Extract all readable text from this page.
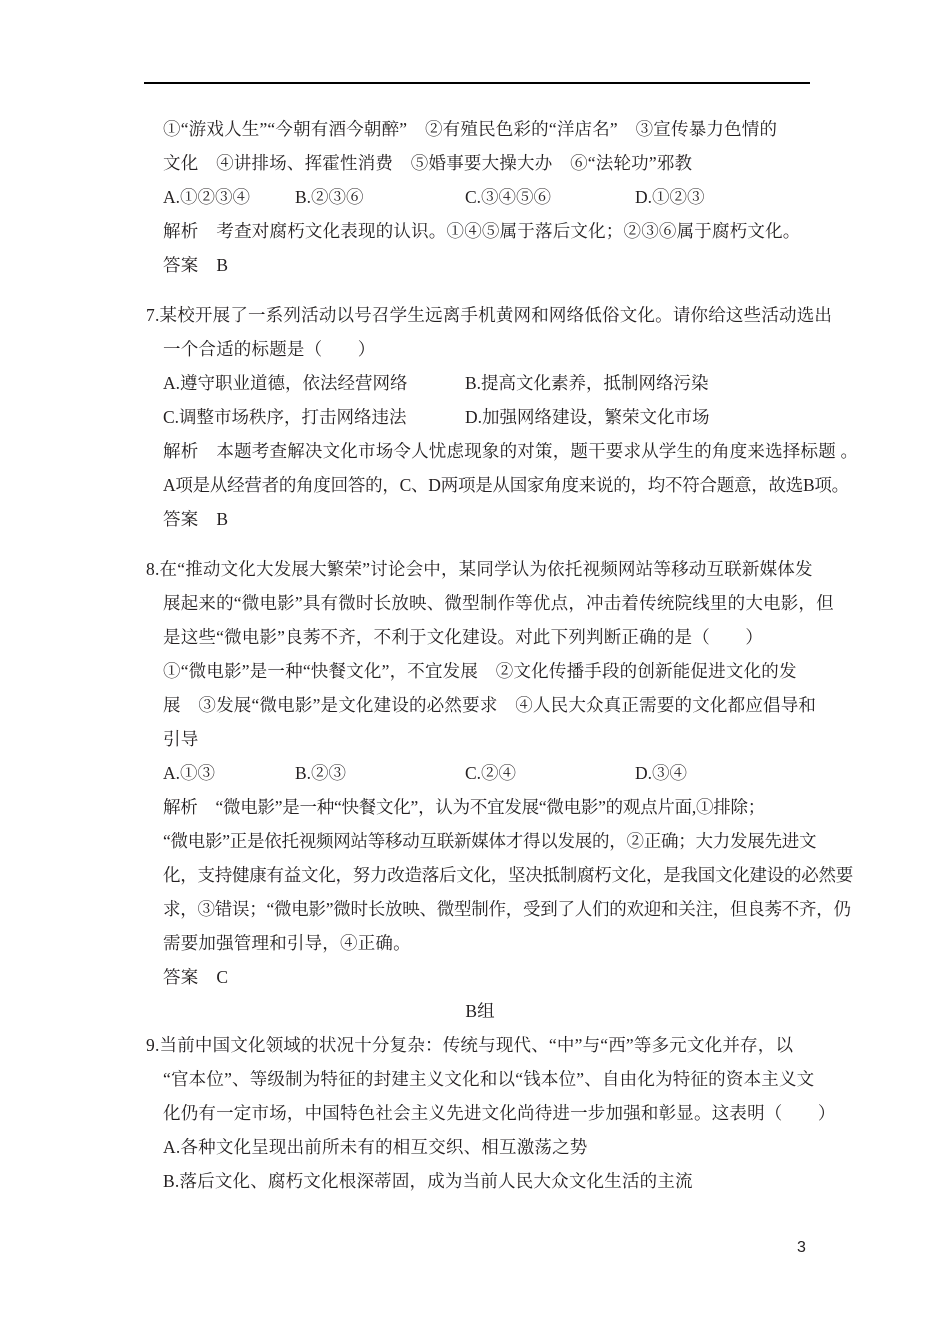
①“游戏人生”“今朝有酒今朝醉”　②有殖民色彩的“洋店名”　③宣传暴力色情的
文化　④讲排场、挥霍性消费　⑤婚事要大操大办　⑥“法轮功”邪教
A.①②③④	B.②③⑥	C.③④⑤⑥	D.①②③
解析 考查对腐朽文化表现的认识。①④⑤属于落后文化；②③⑥属于腐朽文化。
答案 B
7.某校开展了一系列活动以号召学生远离手机黄网和网络低俗文化。请你给这些活动选出
一个合适的标题是（　　）
A.遵守职业道德，依法经营网络	B.提高文化素养，抵制网络污染
C.调整市场秩序，打击网络违法	D.加强网络建设，繁荣文化市场
解析 本题考查解决文化市场令人忧虑现象的对策，题干要求从学生的角度来选择标题 。
A项是从经营者的角度回答的，C、D两项是从国家角度来说的，均不符合题意，故选B项。
答案 B
8.在“推动文化大发展大繁荣”讨论会中，某同学认为依托视频网站等移动互联新媒体发
展起来的“微电影”具有微时长放映、微型制作等优点，冲击着传统院线里的大电影，但
是这些“微电影”良莠不齐，不利于文化建设。对此下列判断正确的是（　　）
①“微电影”是一种“快餐文化”，不宜发展　②文化传播手段的创新能促进文化的发
展　③发展“微电影”是文化建设的必然要求　④人民大众真正需要的文化都应倡导和
引导
A.①③	B.②③	C.②④	D.③④
解析 “微电影”是一种“快餐文化”，认为不宜发展“微电影”的观点片面,①排除；
“微电影”正是依托视频网站等移动互联新媒体才得以发展的，②正确；大力发展先进文
化，支持健康有益文化，努力改造落后文化，坚决抵制腐朽文化，是我国文化建设的必然要
求，③错误；“微电影”微时长放映、微型制作，受到了人们的欢迎和关注，但良莠不齐，仍
需要加强管理和引导，④正确。
答案 C
B组
9.当前中国文化领域的状况十分复杂：传统与现代、“中”与“西”等多元文化并存，以
“官本位”、等级制为特征的封建主义文化和以“钱本位”、自由化为特征的资本主义文
化仍有一定市场，中国特色社会主义先进文化尚待进一步加强和彰显。这表明（　　）
A.各种文化呈现出前所未有的相互交织、相互激荡之势
B.落后文化、腐朽文化根深蒂固，成为当前人民大众文化生活的主流
3
